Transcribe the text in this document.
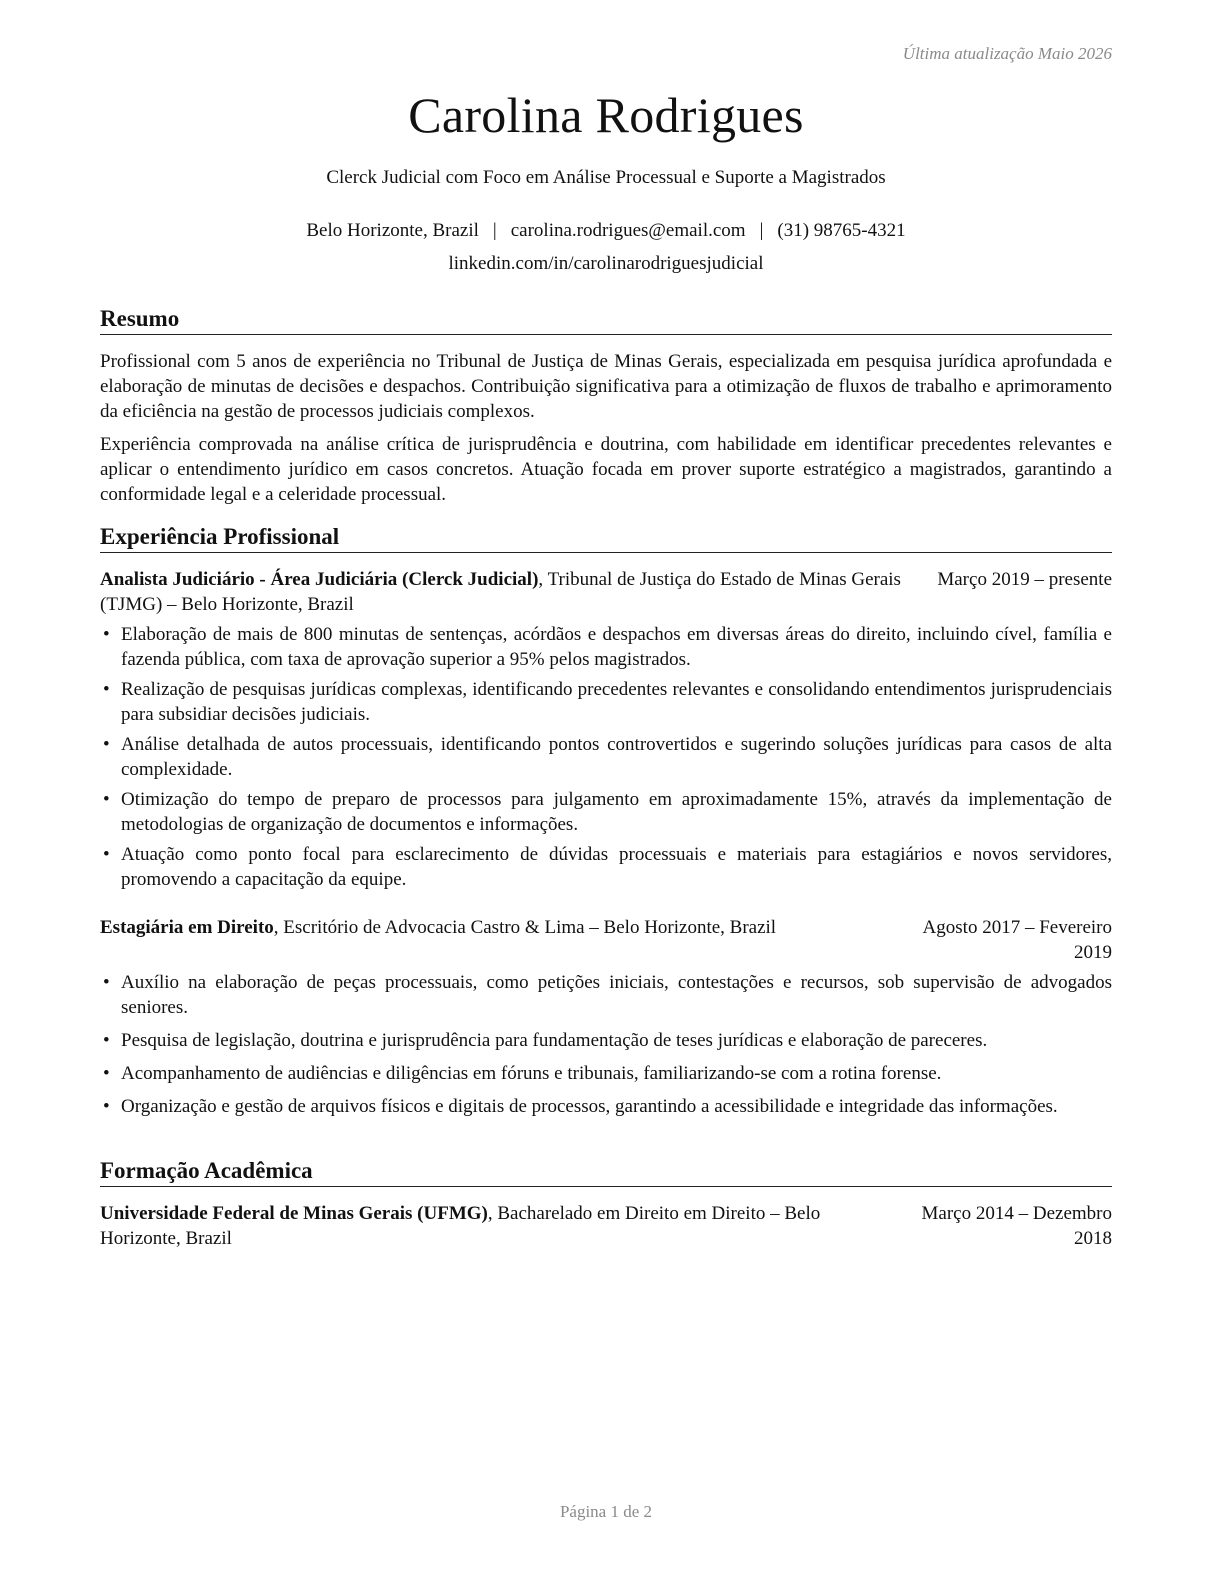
Última atualização Maio 2026
Carolina Rodrigues
Clerck Judicial com Foco em Análise Processual e Suporte a Magistrados
Belo Horizonte, Brazil | carolina.rodrigues@email.com | (31) 98765-4321
linkedin.com/in/carolinarodriguesjudicial
Resumo

Profissional com 5 anos de experiência no Tribunal de Justiça de Minas Gerais, especializada em pesquisa jurídica aprofundada e elaboração de minutas de decisões e despachos. Contribuição significativa para a otimização de fluxos de trabalho e aprimoramento da eficiência na gestão de processos judiciais complexos.

Experiência comprovada na análise crítica de jurisprudência e doutrina, com habilidade em identificar precedentes relevantes e aplicar o entendimento jurídico em casos concretos. Atuação focada em prover suporte estratégico a magistrados, garantindo a conformidade legal e a celeridade processual.

Experiência Profissional
Analista Judiciário - Área Judiciária (Clerck Judicial), Tribunal de Justiça do Estado de Minas Gerais (TJMG) – Belo Horizonte, Brazil
Março 2019 – presente
• Elaboração de mais de 800 minutas de sentenças, acórdãos e despachos em diversas áreas do direito, incluindo cível, família e fazenda pública, com taxa de aprovação superior a 95% pelos magistrados.
• Realização de pesquisas jurídicas complexas, identificando precedentes relevantes e consolidando entendimentos jurisprudenciais para subsidiar decisões judiciais.
• Análise detalhada de autos processuais, identificando pontos controvertidos e sugerindo soluções jurídicas para casos de alta complexidade.
• Otimização do tempo de preparo de processos para julgamento em aproximadamente 15%, através da implementação de metodologias de organização de documentos e informações.
• Atuação como ponto focal para esclarecimento de dúvidas processuais e materiais para estagiários e novos servidores, promovendo a capacitação da equipe.
Estagiária em Direito, Escritório de Advocacia Castro & Lima – Belo Horizonte, Brazil	Agosto 2017 – Fevereiro 2019
• Auxílio na elaboração de peças processuais, como petições iniciais, contestações e recursos, sob supervisão de advogados seniores.
• Pesquisa de legislação, doutrina e jurisprudência para fundamentação de teses jurídicas e elaboração de pareceres.
• Acompanhamento de audiências e diligências em fóruns e tribunais, familiarizando-se com a rotina forense.
• Organização e gestão de arquivos físicos e digitais de processos, garantindo a acessibilidade e integridade das informações.
Formação Acadêmica
Universidade Federal de Minas Gerais (UFMG), Bacharelado em Direito em Direito – Belo Horizonte, Brazil
Março 2014 – Dezembro 2018
Página 1 de 2
